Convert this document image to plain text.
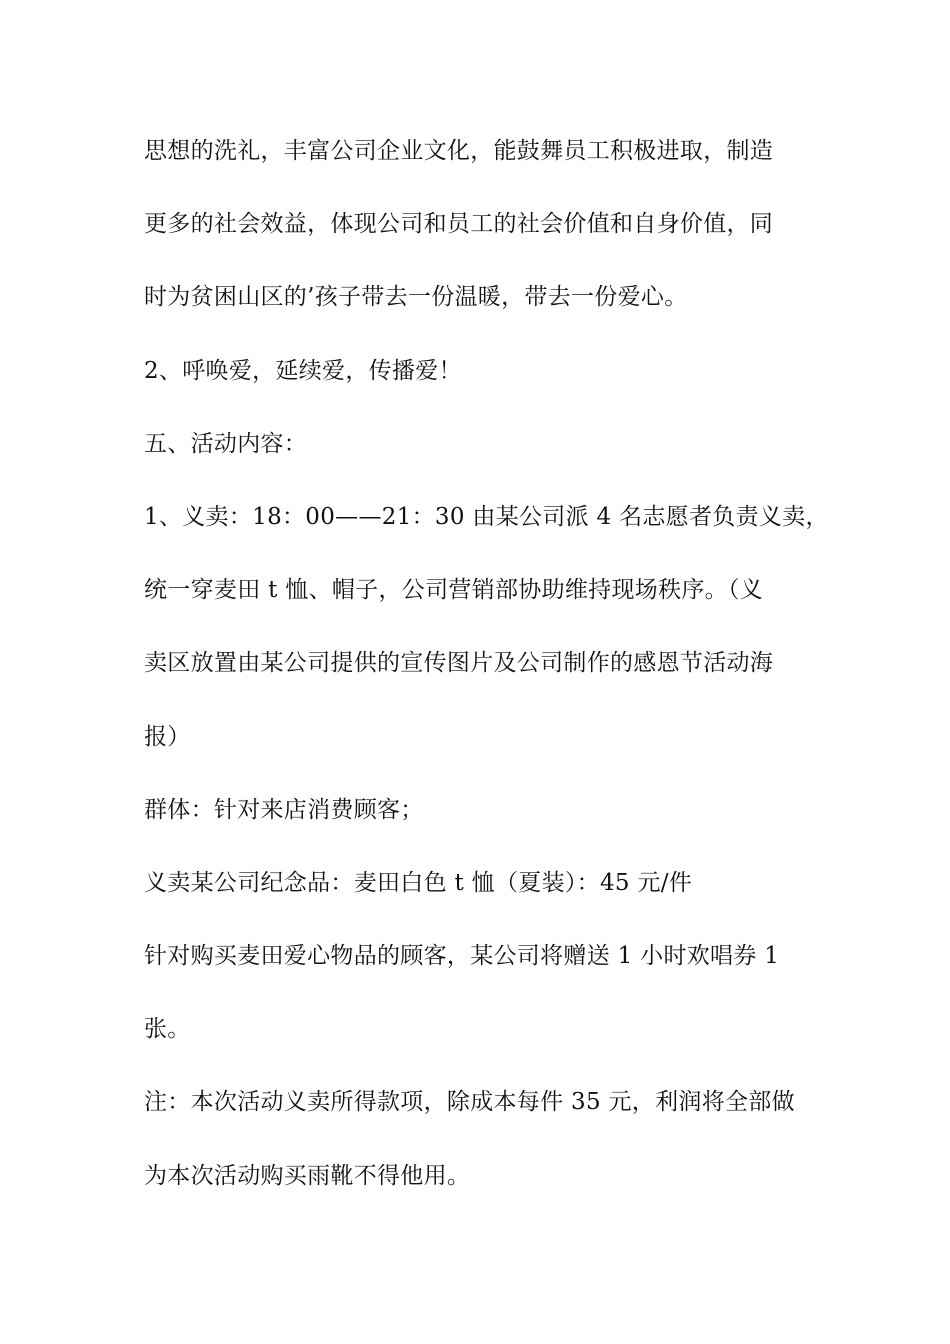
思想的洗礼，丰富公司企业文化，能鼓舞员工积极进取，制造
更多的社会效益，体现公司和员工的社会价值和自身价值，同
时为贫困山区的’孩子带去一份温暖，带去一份爱心。
2、呼唤爱，延续爱，传播爱！
五、活动内容：
1、义卖：18：00——21：30 由某公司派 4 名志愿者负责义卖，
统一穿麦田 t 恤、帽子，公司营销部协助维持现场秩序。（义
卖区放置由某公司提供的宣传图片及公司制作的感恩节活动海
报）
群体：针对来店消费顾客；
义卖某公司纪念品：麦田白色 t 恤（夏装）：45 元/件
针对购买麦田爱心物品的顾客，某公司将赠送 1 小时欢唱券 1
张。
注：本次活动义卖所得款项，除成本每件 35 元，利润将全部做
为本次活动购买雨靴不得他用。
